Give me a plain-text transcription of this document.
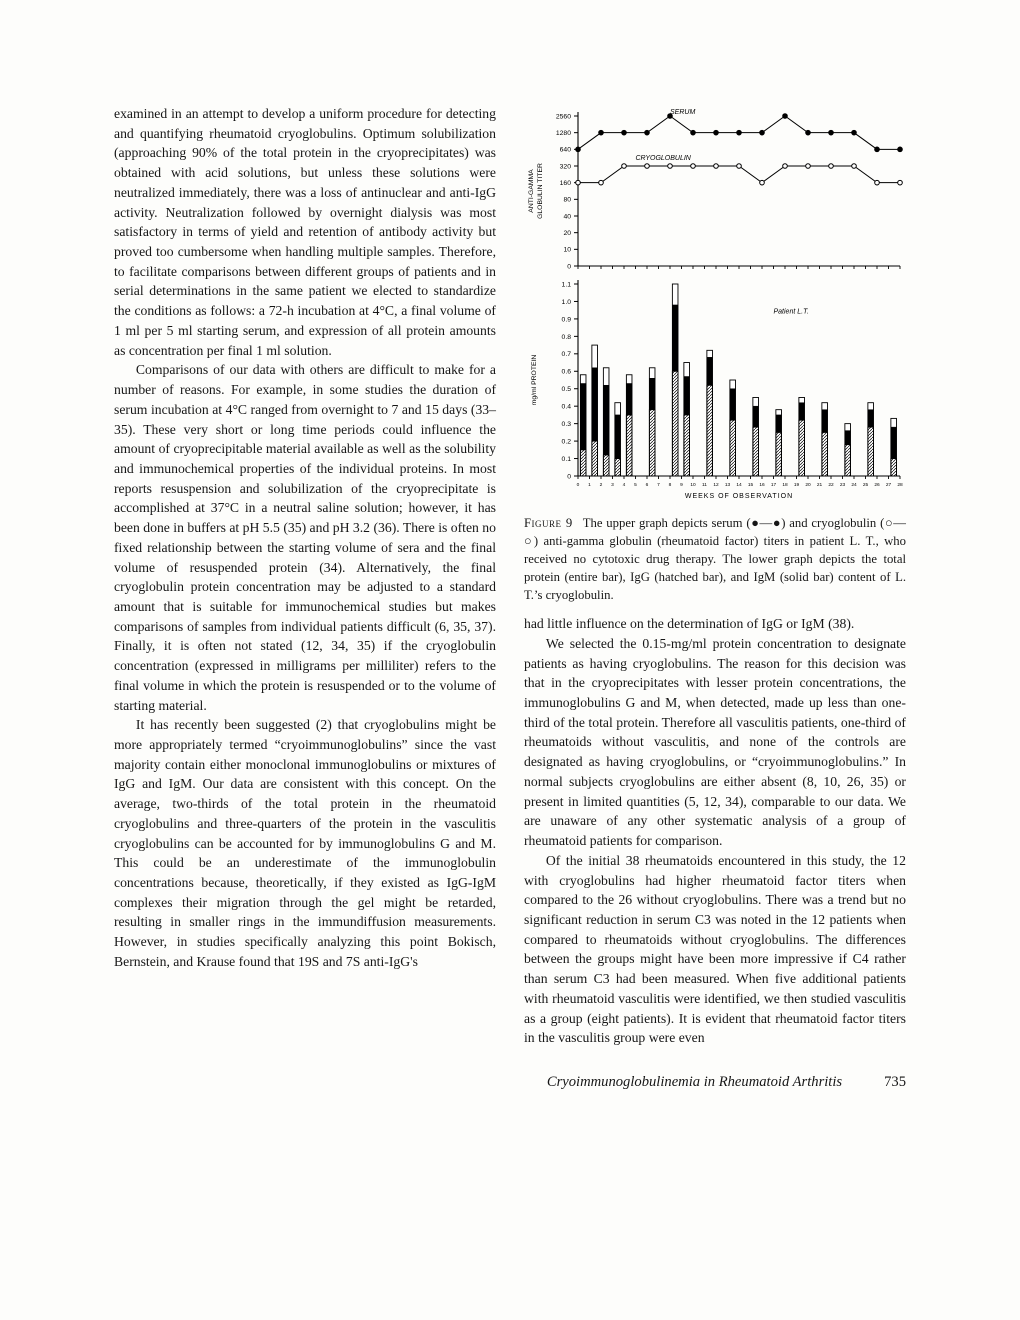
examined in an attempt to develop a uniform procedure for detecting and quantifying rheumatoid cryoglobulins. Optimum solubilization (approaching 90% of the total protein in the cryoprecipitates) was obtained with acid solutions, but unless these solutions were neutralized immediately, there was a loss of antinuclear and anti-IgG activity. Neutralization followed by overnight dialysis was most satisfactory in terms of yield and retention of antibody activity but proved too cumbersome when handling multiple samples. Therefore, to facilitate comparisons between different groups of patients and in serial determinations in the same patient we elected to standardize the conditions as follows: a 72-h incubation at 4°C, a final volume of 1 ml per 5 ml starting serum, and expression of all protein amounts as concentration per final 1 ml solution.

Comparisons of our data with others are difficult to make for a number of reasons. For example, in some studies the duration of serum incubation at 4°C ranged from overnight to 7 and 15 days (33–35). These very short or long time periods could influence the amount of cryoprecipitable material available as well as the solubility and immunochemical properties of the individual proteins. In most reports resuspension and solubilization of the cryoprecipitate is accomplished at 37°C in a neutral saline solution; however, it has been done in buffers at pH 5.5 (35) and pH 3.2 (36). There is often no fixed relationship between the starting volume of sera and the final volume of resuspended protein (34). Alternatively, the final cryoglobulin protein concentration may be adjusted to a standard amount that is suitable for immunochemical studies but makes comparisons of samples from individual patients difficult (6, 35, 37). Finally, it is often not stated (12, 34, 35) if the cryoglobulin concentration (expressed in milligrams per milliliter) refers to the final volume in which the protein is resuspended or to the volume of starting material.

It has recently been suggested (2) that cryoglobulins might be more appropriately termed “cryoimmunoglobulins” since the vast majority contain either monoclonal immunoglobulins or mixtures of IgG and IgM. Our data are consistent with this concept. On the average, two-thirds of the total protein in the rheumatoid cryoglobulins and three-quarters of the protein in the vasculitis cryoglobulins can be accounted for by immunoglobulins G and M. This could be an underestimate of the immunoglobulin concentrations because, theoretically, if they existed as IgG-IgM complexes their migration through the gel might be retarded, resulting in smaller rings in the immundiffusion measurements. However, in studies specifically analyzing this point Bokisch, Bernstein, and Krause found that 19S and 7S anti-IgG's

0
10
20
40
80
160
320
640
1280
2560
SERUM
CRYOGLOBULIN
ANTI-GAMMA GLOBULIN TITER
0
0.1
0.2
0.3
0.4
0.5
0.6
0.7
0.8
0.9
1.0
1.1
0 1 2 3 4 5 6 7 8 9 10 11 12 13 14 15 16 17 18 19 20 21 22 23 24 25 26 27 28
WEEKS OF OBSERVATION
Patient L.T.
mg/ml PROTEIN
Figure 9 The upper graph depicts serum (●—●) and cryoglobulin (○—○) anti-gamma globulin (rheumatoid factor) titers in patient L. T., who received no cytotoxic drug therapy. The lower graph depicts the total protein (entire bar), IgG (hatched bar), and IgM (solid bar) content of L. T.’s cryoglobulin.

had little influence on the determination of IgG or IgM (38).

We selected the 0.15-mg/ml protein concentration to designate patients as having cryoglobulins. The reason for this decision was that in the cryoprecipitates with lesser protein concentrations, the immunoglobulins G and M, when detected, made up less than one-third of the total protein. Therefore all vasculitis patients, one-third of rheumatoids without vasculitis, and none of the controls are designated as having cryoglobulins, or “cryoimmunoglobulins.” In normal subjects cryoglobulins are either absent (8, 10, 26, 35) or present in limited quantities (5, 12, 34), comparable to our data. We are unaware of any other systematic analysis of a group of rheumatoid patients for comparison.

Of the initial 38 rheumatoids encountered in this study, the 12 with cryoglobulins had higher rheumatoid factor titers when compared to the 26 without cryoglobulins. There was a trend but no significant reduction in serum C3 was noted in the 12 patients when compared to rheumatoids without cryoglobulins. The differences between the groups might have been more impressive if C4 rather than serum C3 had been measured. When five additional patients with rheumatoid vasculitis were identified, we then studied vasculitis as a group (eight patients). It is evident that rheumatoid factor titers in the vasculitis group were even

Cryoimmunoglobulinemia in Rheumatoid Arthritis	735
